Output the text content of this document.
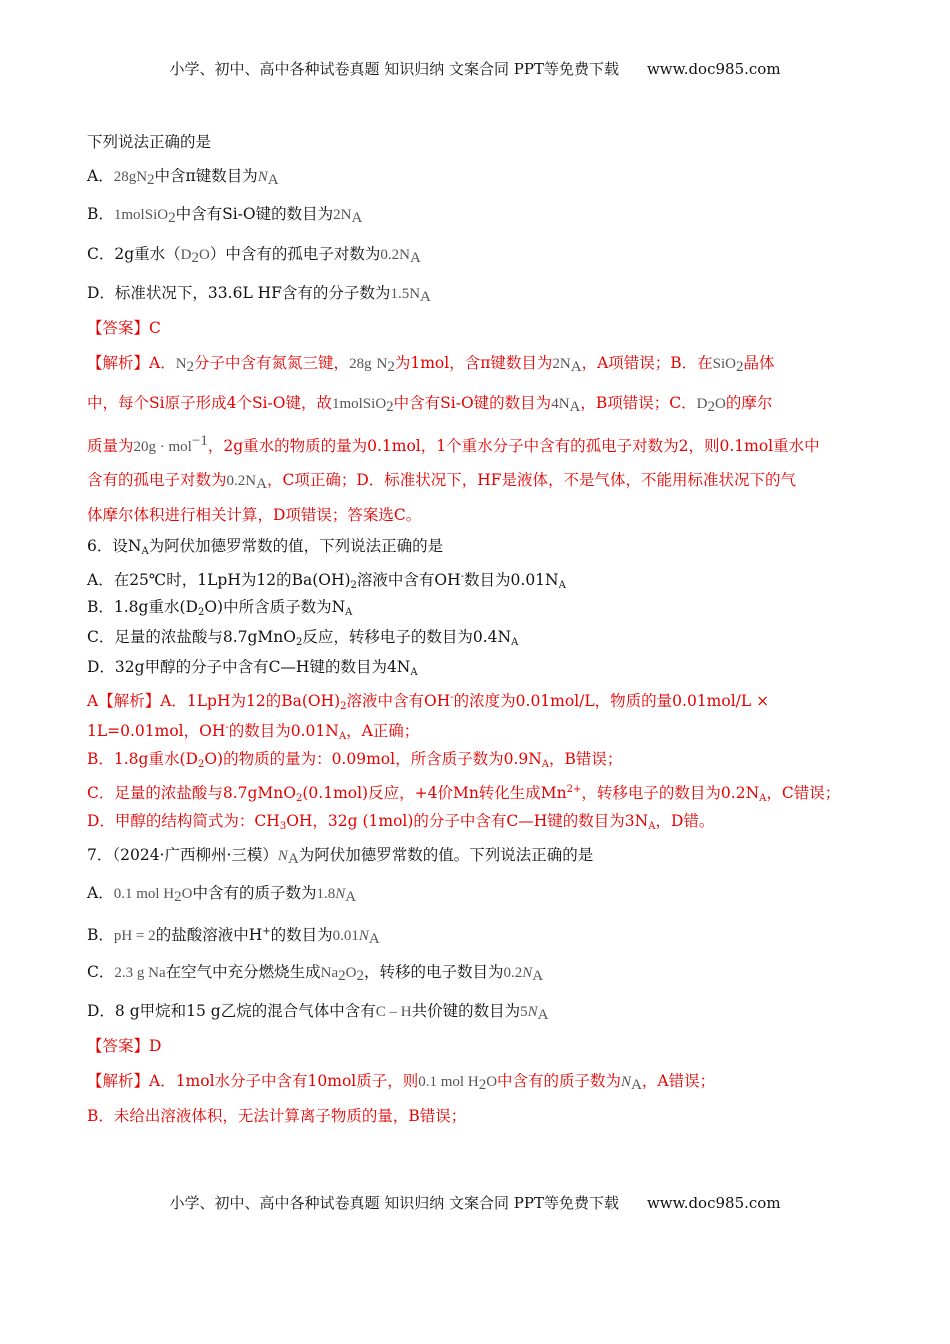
小学、初中、高中各种试卷真题 知识归纳 文案合同 PPT等免费下载 www.doc985.com
下列说法正确的是
A．$28gN_2$中含π键数目为$N_A$
B．1molSiO$_2$中含有Si-O键的数目为$2N_A$
C．2g重水$(D_2O)$中含有的孤电子对数为$0.2N_A$
D．标准状况下，33.6L HF含有的分子数为$1.5N_A$
【答案】C
【解析】A．$N_2$分子中含有氮氮三键，28g $N_2$为1mol，含π键数目为$2N_A$，A项错误；B．在SiO$_2$晶体
中，每个Si原子形成4个Si-O键，故1molSiO$_2$中含有Si-O键的数目为$4N_A$，B项错误；C．$D_2O$的摩尔
质量为20g · mol$^{-1}$，2g重水的物质的量为0.1mol，1个重水分子中含有的孤电子对数为2，则0.1mol重水中
含有的孤电子对数为$0.2N_A$，C项正确；D．标准状况下，HF是液体，不是气体，不能用标准状况下的气
体摩尔体积进行相关计算，D项错误；答案选C。
6．设$N_A$为阿伏加德罗常数的值，下列说法正确的是
A．在25℃时，1LpH为12的$Ba(OH)_2$溶液中含有OH-数目为$0.01N_A$
B．1.8g重水$(D_2O)$中所含质子数为$N_A$
C．足量的浓盐酸与8.7gMnO$_2$反应，转移电子的数目为$0.4N_A$
D．32g甲醇的分子中含有C—H键的数目为$4N_A$
A【解析】A．1LpH为12的$Ba(OH)_2$溶液中含有OH-的浓度为0.01mol/L，物质的量0.01mol/L ×
1L=0.01mol，OH-的数目为$0.01N_A$，A正确；
B．1.8g重水$(D_2O)$的物质的量为：0.09mol，所含质子数为$0.9N_A$，B错误；
C．足量的浓盐酸与8.7gMnO$_2$(0.1mol)反应，+4价Mn转化生成$Mn^{2+}$，转移电子的数目为$0.2N_A$，C错误；
D．甲醇的结构简式为：$CH_3OH$，32g (1mol)的分子中含有C—H键的数目为$3N_A$，D错。
7．（2024·广西柳州·三模）$N_A$为阿伏加德罗常数的值。下列说法正确的是
A．0.1 mol $H_2O$中含有的质子数为$1.8N_A$
B．pH = 2的盐酸溶液中H+的数目为$0.01N_A$
C．2.3 g Na在空气中充分燃烧生成$Na_2O_2$，转移的电子数目为$0.2N_A$
D．8 g甲烷和15 g乙烷的混合气体中含有C – H共价键的数目为$5N_A$
【答案】D
【解析】A．1mol水分子中含有10mol质子，则0.1 mol $H_2O$中含有的质子数为$N_A$，A错误；
B．未给出溶液体积，无法计算离子物质的量，B错误；
小学、初中、高中各种试卷真题 知识归纳 文案合同 PPT等免费下载 www.doc985.com
